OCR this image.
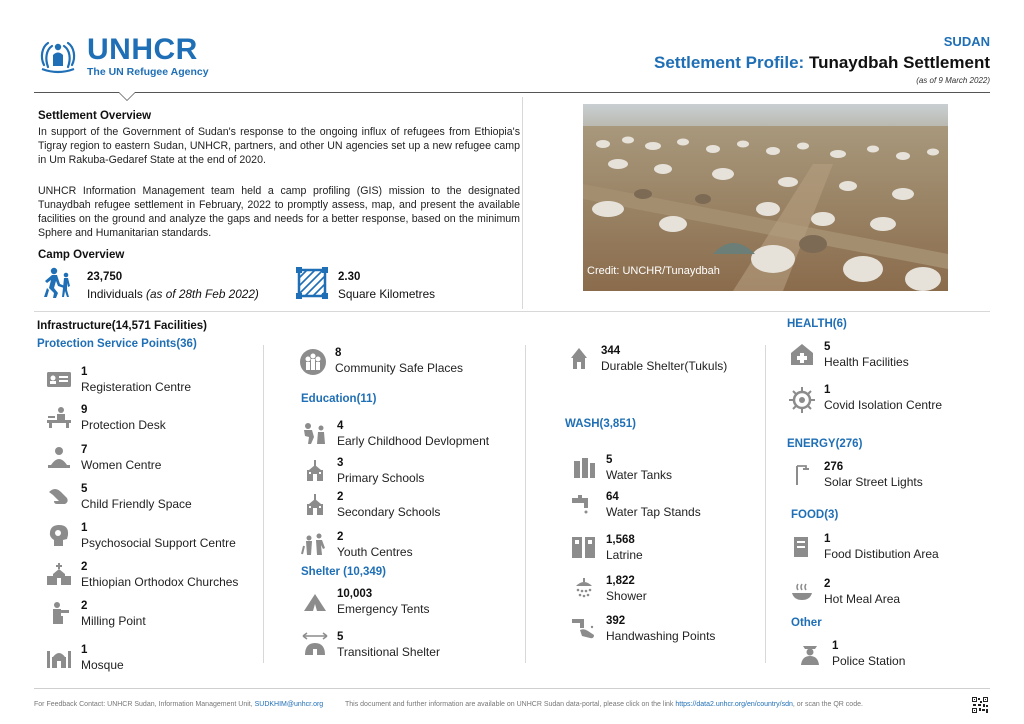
UNHCR
The UN Refugee Agency
SUDAN
Settlement Profile: Tunaydbah Settlement
(as of 9 March 2022)
Settlement Overview
In support of the Government of Sudan's response to the ongoing influx of refugees from Ethiopia's Tigray region to eastern Sudan, UNHCR, partners, and other UN agencies set up a new refugee camp in Um Rakuba-Gedaref State at the end of 2020.
UNHCR Information Management team held a camp profiling (GIS) mission to the designated Tunaydbah refugee settlement in February, 2022 to promptly assess, map, and present the available facilities on the ground and analyze the gaps and needs for a better response, based on the minimum Sphere and Humanitarian standards.
Camp Overview
23,750
Individuals (as of 28th Feb 2022)
2.30
Square Kilometres
Credit: UNCHR/Tunaydbah
Infrastructure(14,571 Facilities)
Protection Service Points(36)
1
Registeration Centre
9
Protection Desk
7
Women Centre
5
Child Friendly Space
1
Psychosocial Support Centre
2
Ethiopian Orthodox Churches
2
Milling Point
1
Mosque
8
Community Safe Places
Education(11)
4
Early Childhood Devlopment
3
Primary Schools
2
Secondary Schools
2
Youth Centres
Shelter (10,349)
10,003
Emergency Tents
5
Transitional Shelter
344
Durable Shelter(Tukuls)
WASH(3,851)
5
Water Tanks
64
Water Tap Stands
1,568
Latrine
1,822
Shower
392
Handwashing Points
HEALTH(6)
5
Health Facilities
1
Covid Isolation Centre
ENERGY(276)
276
Solar Street Lights
FOOD(3)
1
Food Distibution Area
2
Hot Meal Area
Other
1
Police Station
For Feedback Contact: UNHCR Sudan, Information Management Unit, SUDKHIM@unhcr.org	This document and further information are available on UNHCR Sudan data-portal, please click on the link https://data2.unhcr.org/en/country/sdn, or scan the QR code.
